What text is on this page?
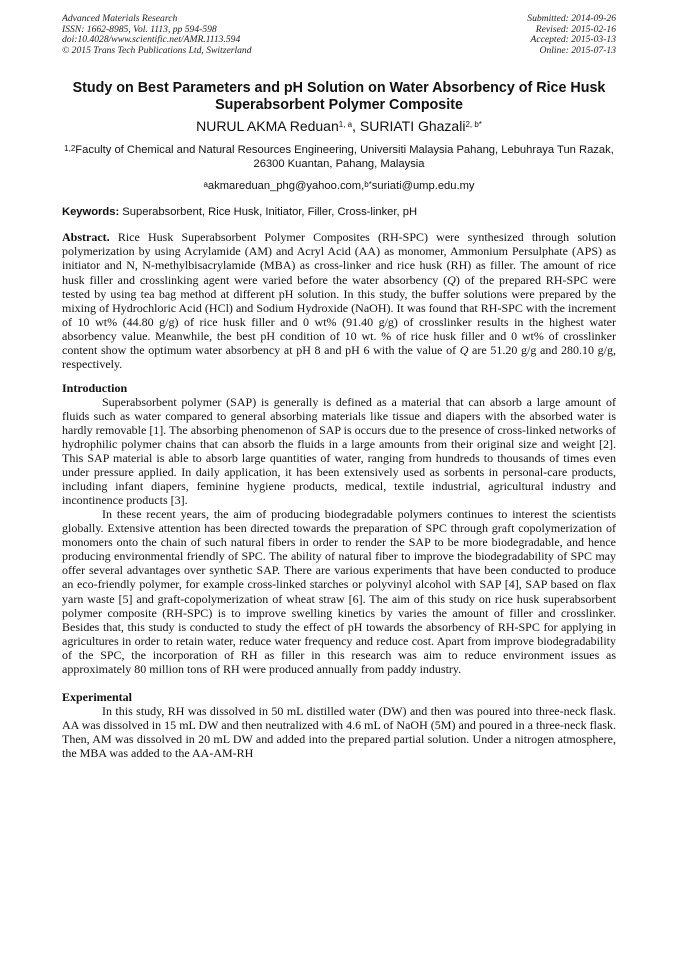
Advanced Materials Research
ISSN: 1662-8985, Vol. 1113, pp 594-598
doi:10.4028/www.scientific.net/AMR.1113.594
© 2015 Trans Tech Publications Ltd, Switzerland
Submitted: 2014-09-26
Revised: 2015-02-16
Accepted: 2015-03-13
Online: 2015-07-13
Study on Best Parameters and pH Solution on Water Absorbency of Rice Husk Superabsorbent Polymer Composite
NURUL AKMA Reduan$^{1, a}$, SURIATI Ghazali$^{2, b*}$
$^{1,2}$Faculty of Chemical and Natural Resources Engineering, Universiti Malaysia Pahang, Lebuhraya Tun Razak, 26300 Kuantan, Pahang, Malaysia
$^a$akmareduan_phg@yahoo.com,$^{b*}$suriati@ump.edu.my
Keywords: Superabsorbent, Rice Husk, Initiator, Filler, Cross-linker, pH

Abstract. Rice Husk Superabsorbent Polymer Composites (RH-SPC) were synthesized through solution polymerization by using Acrylamide (AM) and Acryl Acid (AA) as monomer, Ammonium Persulphate (APS) as initiator and N, N-methylbisacrylamide (MBA) as cross-linker and rice husk (RH) as filler. The amount of rice husk filler and crosslinking agent were varied before the water absorbency (Q) of the prepared RH-SPC were tested by using tea bag method at different pH solution. In this study, the buffer solutions were prepared by the mixing of Hydrochloric Acid (HCl) and Sodium Hydroxide (NaOH). It was found that RH-SPC with the increment of 10 wt% (44.80 g/g) of rice husk filler and 0 wt% (91.40 g/g) of crosslinker results in the highest water absorbency value. Meanwhile, the best pH condition of 10 wt. % of rice husk filler and 0 wt% of crosslinker content show the optimum water absorbency at pH 8 and pH 6 with the value of Q are 51.20 g/g and 280.10 g/g, respectively.

Introduction

Superabsorbent polymer (SAP) is generally is defined as a material that can absorb a large amount of fluids such as water compared to general absorbing materials like tissue and diapers with the absorbed water is hardly removable [1]. The absorbing phenomenon of SAP is occurs due to the presence of cross-linked networks of hydrophilic polymer chains that can absorb the fluids in a large amounts from their original size and weight [2]. This SAP material is able to absorb large quantities of water, ranging from hundreds to thousands of times even under pressure applied. In daily application, it has been extensively used as sorbents in personal-care products, including infant diapers, feminine hygiene products, medical, textile industrial, agricultural industry and incontinence products [3].

In these recent years, the aim of producing biodegradable polymers continues to interest the scientists globally. Extensive attention has been directed towards the preparation of SPC through graft copolymerization of monomers onto the chain of such natural fibers in order to render the SAP to be more biodegradable, and hence producing environmental friendly of SPC. The ability of natural fiber to improve the biodegradability of SPC may offer several advantages over synthetic SAP. There are various experiments that have been conducted to produce an eco-friendly polymer, for example cross-linked starches or polyvinyl alcohol with SAP [4], SAP based on flax yarn waste [5] and graft-copolymerization of wheat straw [6]. The aim of this study on rice husk superabsorbent polymer composite (RH-SPC) is to improve swelling kinetics by varies the amount of filler and crosslinker. Besides that, this study is conducted to study the effect of pH towards the absorbency of RH-SPC for applying in agricultures in order to retain water, reduce water frequency and reduce cost. Apart from improve biodegradability of the SPC, the incorporation of RH as filler in this research was aim to reduce environment issues as approximately 80 million tons of RH were produced annually from paddy industry.

Experimental

In this study, RH was dissolved in 50 mL distilled water (DW) and then was poured into three-neck flask. AA was dissolved in 15 mL DW and then neutralized with 4.6 mL of NaOH (5M) and poured in a three-neck flask. Then, AM was dissolved in 20 mL DW and added into the prepared partial solution. Under a nitrogen atmosphere, the MBA was added to the AA-AM-RH
